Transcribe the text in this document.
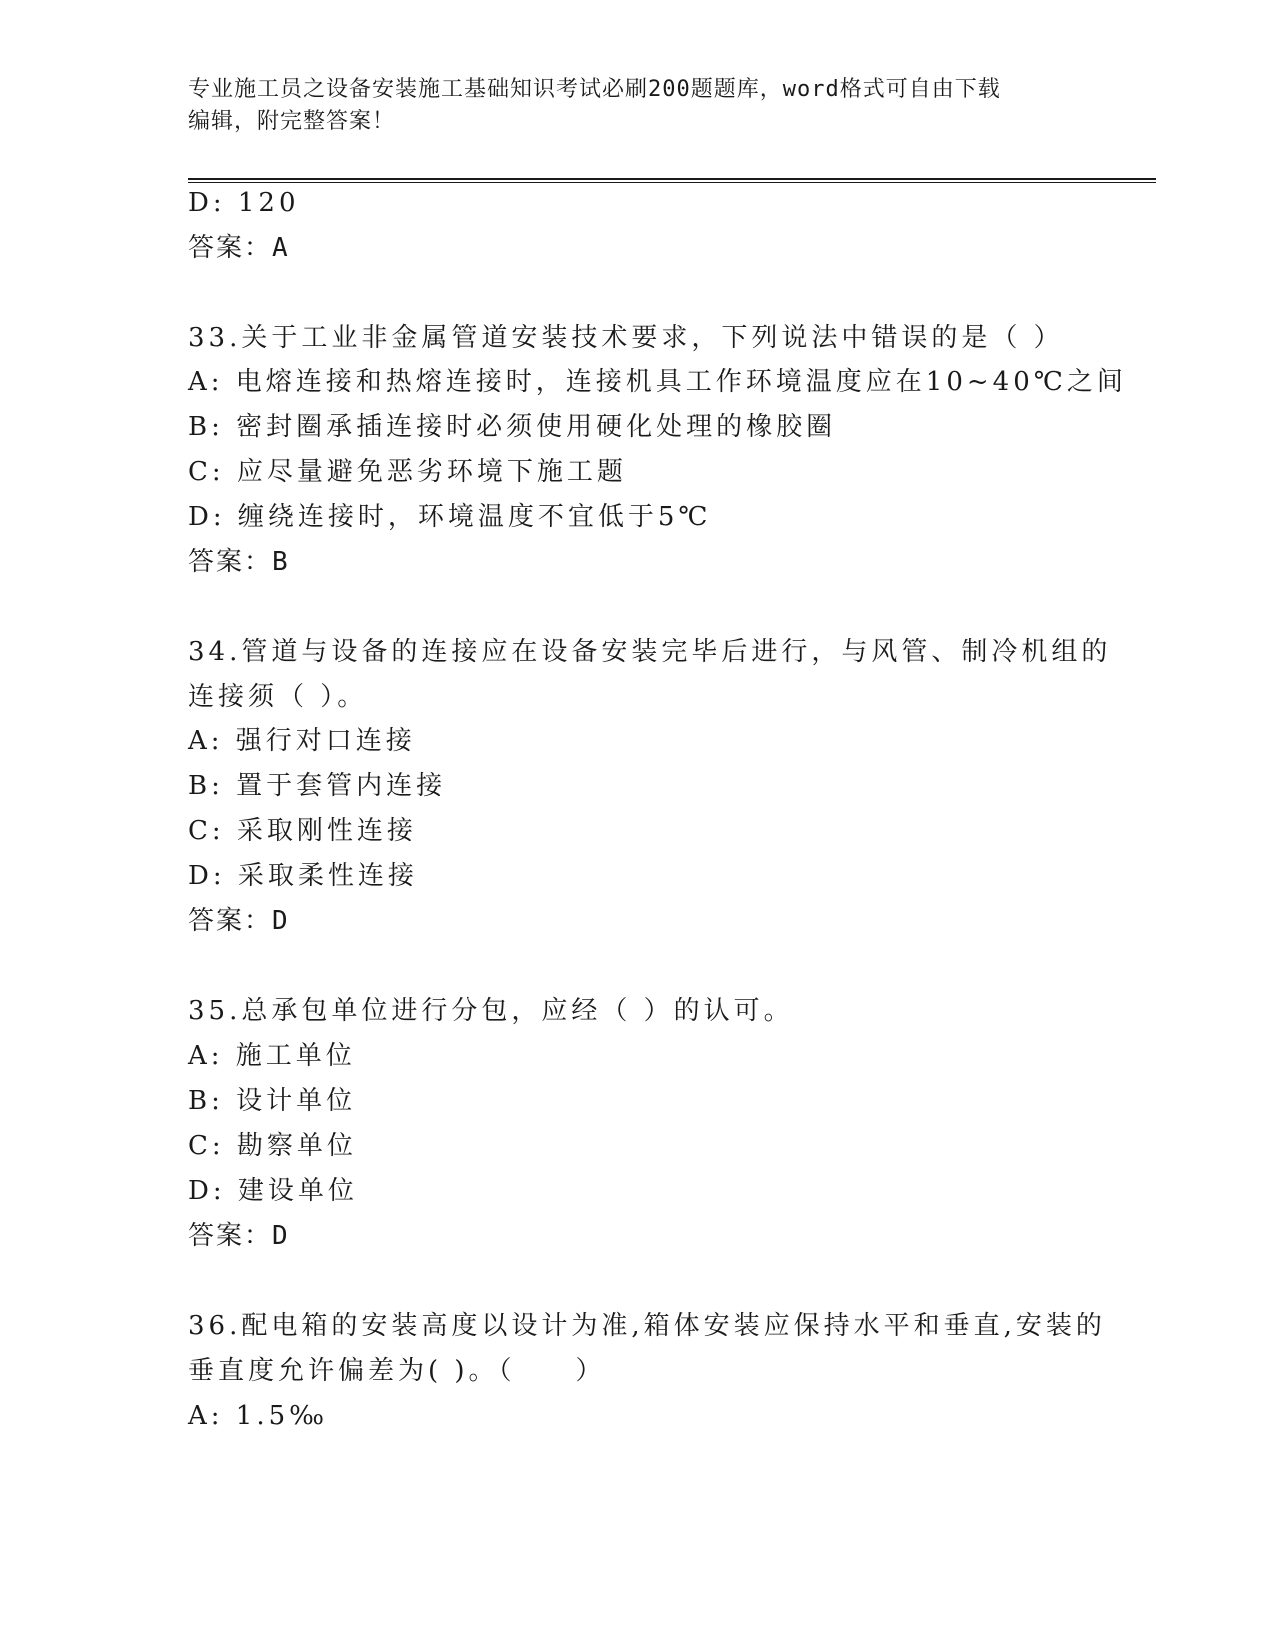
专业施工员之设备安装施工基础知识考试必刷200题题库，word格式可自由下载
编辑，附完整答案！
D: 120
答案：A
33.关于工业非金属管道安装技术要求，下列说法中错误的是（ ）
A: 电熔连接和热熔连接时，连接机具工作环境温度应在10~40℃之间
B: 密封圈承插连接时必须使用硬化处理的橡胶圈
C: 应尽量避免恶劣环境下施工题
D: 缠绕连接时，环境温度不宜低于5℃
答案：B
34.管道与设备的连接应在设备安装完毕后进行，与风管、制冷机组的
连接须（ ）。
A: 强行对口连接
B: 置于套管内连接
C: 采取刚性连接
D: 采取柔性连接
答案：D
35.总承包单位进行分包，应经（ ）的认可。
A: 施工单位
B: 设计单位
C: 勘察单位
D: 建设单位
答案：D
36.配电箱的安装高度以设计为准,箱体安装应保持水平和垂直,安装的
垂直度允许偏差为( )。（　　）
A: 1.5‰
